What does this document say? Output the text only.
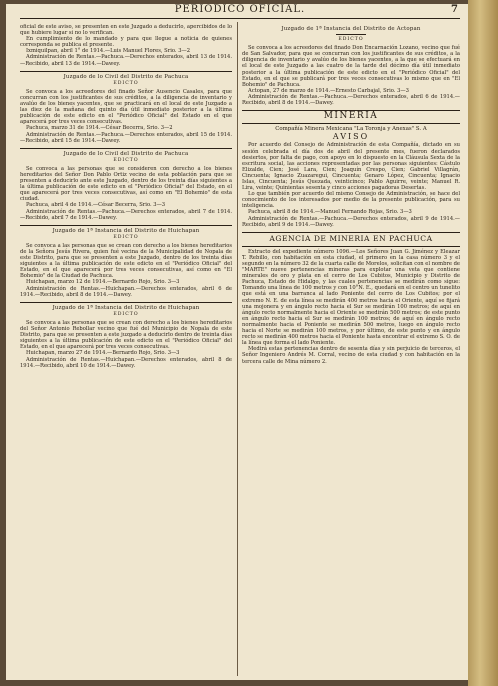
PERIODICO OFICIAL.	7

oficial de este aviso, se presenten en este Juzgado a deducirlo, apercibidos de lo que hubiere lugar si no lo verifican.

En cumplimiento de lo mandado y para que llegue a noticia de quienes corresponda se publica el presente.

Ixmiquilpan, abril 1° de 1914.—Luis Manuel Flores, Srio. 3—2

Administración de Rentas.—Pachuca.—Derechos enterados, abril 13 de 1914.—Recibido, abril 13 de 1914.—Dawey.

Juzgado de lo Civil del Distrito de Pachuca
EDICTO

Se convoca a los acreedores del finado Señor Ausencio Casales, para que concurran con los justificantes de sus créditos, a la diligencia de inventario y avalúo de los bienes yacentes, que se practicará en el local de este Juzgado a las diez de la mañana del quinto día útil inmediato posterior a la última publicación de este edicto en el "Periódico Oficial" del Estado en el que aparecerá por tres veces consecutivas.

Pachuca, marzo 31 de 1914.—César Becerra, Srio. 3—2

Administración de Rentas.—Pachuca.—Derechos enterados, abril 15 de 1914.—Recibido, abril 15 de 1914.—Dawey.

Juzgado de lo Civil del Distrito de Pachuca
EDICTO

Se convoca a las personas que se consideren con derecho a los bienes hereditarios del Señor Don Pablo Ortiz vecino de esta población para que se presenten a deducirlo ante este Juzgado, dentro de los treinta días siguientes a la última publicación de este edicto en el "Periódico Oficial" del Estado, en el que aparecerá por tres veces consecutivas, así como en "El Bohemio" de esta ciudad.

Pachuca, abril 4 de 1914.—César Becerra, Srio. 3—3

Administración de Rentas.—Pachuca.—Derechos enterados, abril 7 de 1914.—Recibido, abril 7 de 1914.—Dawey.

Juzgado de 1ª Instancia del Distrito de Huichapan
EDICTO

Se convoca a las personas que se crean con derecho a los bienes hereditarios de la Señora Jesús Rivera, quien fué vecina de la Municipalidad de Nopala de este Distrito, para que se presenten a este Juzgado, dentro de los treinta días siguientes a la última publicación de este edicto en el "Periódico Oficial" del Estado, en el que aparecerá por tres veces consecutivas, así como en "El Bohemio" de la Ciudad de Pachuca.

Huichapan, marzo 12 de 1914.—Bernardo Rojo, Srio. 3—3

Administración de Rentas.—Huichapan.—Derechos enterados, abril 6 de 1914.—Recibido, abril 8 de 1914.—Dawey.

Juzgado de 1ª Instancia del Distrito de Huichapan
EDICTO

Se convoca a las personas que se crean con derecho a los bienes hereditarios del Señor Antonio Rebollar vecino que fué del Municipio de Nopala de este Distrito, para que se presenten a este juzgado a deducirlo dentro de treinta días siguientes a la última publicación de este edicto en el "Periódico Oficial" del Estado, en el que aparecerá por tres veces consecutivas.

Huichapan, marzo 27 de 1914.—Bernardo Rojo, Srio. 3—3

Administración de Rentas.—Huichapan.—Derechos enterados, abril 8 de 1914.—Recibido, abril 10 de 1914.—Dawey.

Juzgado de 1ª Instancia del Distrito de Actopan
EDICTO

Se convoca a los acreedores del finado Don Encarnación Lozano, vecino que fué de San Salvador, para que se concurran con los justificantes de sus créditos, a la diligencia de inventario y avalúo de los bienes yacentes, a la que se efectuará en el local de este Juzgado a las cuatro de la tarde del décimo día útil inmediato posterior a la última publicación de este edicto en el "Periódico Oficial" del Estado, en el que se publicará por tres veces consecutivas lo mismo que en "El Bohemio" de Pachuca.

Actopan, 27 de marzo de 1914.—Ernesto Carbajal, Srio. 3—3

Administración de Rentas.—Pachuca.—Derechos enterados, abril 6 de 1914.—Recibido, abril 8 de 1914.—Dawey.

MINERIA
Compañía Minera Mexicana "La Toronja y Anexas" S. A
AVISO

Por acuerdo del Consejo de Administración de esta Compañía, dictado en su sesión celebrada el día dos de abril del presente mes, fueron declarados desiertos, por falta de pago, con apoyo en lo dispuesto en la Cláusula Sexta de la escritura social, las acciones representadas por las personas siguientes: Cástulo Elizalde, Cien; José Lara, Cien; Joaquín Crespo, Cien; Gabriel Villagrán, Cincuenta; Ignacio Zuazaregui, Cincuenta; Genaro López, Cincuenta; Ignacio Islas, Cincuenta; Jesús Quezada, veinticinco; Pablo Aguirre, veinte; Manuel R. Lira, veinte; Quinientas sesenta y cinco acciones pagadoras Desertas.

Lo que también por acuerdo del mismo Consejo de Administración, se hace del conocimiento de los interesados por medio de la presente publicación, para su inteligencia.

Pachuca, abril 8 de 1914.—Manuel Fernando Rojas, Srio. 3—3

Administración de Rentas.—Pachuca.—Derechos enterados, abril 9 de 1914.—Recibido, abril 9 de 1914.—Dawey.

AGENCIA DE MINERIA EN PACHUCA

Extracto del expediente número 1096.—Los Señores Juan G. Jiménez y Eleazar T. Rebillo, con habitación en esta ciudad, el primero en la casa número 3 y el segundo en la número 32 de la cuarta calle de Morelos, solicitan con el nombre de "MARTE" nueve pertenencias mineras para explotar una veta que contiene minerales de oro y plata en el cerro de Los Cubitos, Municipio y Distrito de Pachuca, Estado de Hidalgo, y las cuales pertenencias se medirán como sigue: Tomando una línea de 100 metros y con 10°N. E., quedará en el centro un tunelito que está en una barranca al lado Poniente del cerro de Los Cubitos; por el extremo N. E. de esta línea se medirán 400 metros hacia el Oriente, aquí se fijará una mojonera y en ángulo recto hacia el Sur se medirán 100 metros; de aquí en ángulo recto normalmente hacia el Oriente se medirán 500 metros; de este punto en ángulo recto hacia el Sur se medirán 100 metros; de aquí en ángulo recto normalmente hacia el Poniente se medirán 500 metros, luego en ángulo recto hacia el Norte se medirán 100 metros, y por último, de este punto y en ángulo recto se medirán 400 metros hacia el Poniente hasta encontrar el extremo S. O. de la línea que forma el lado Poniente.

Medirá estas pertenencias dentro de sesenta días y sin perjuicio de terceros, el Señor Ingeniero Andrés M. Corral, vecino de esta ciudad y con habitación en la tercera calle de Mina número 2.
